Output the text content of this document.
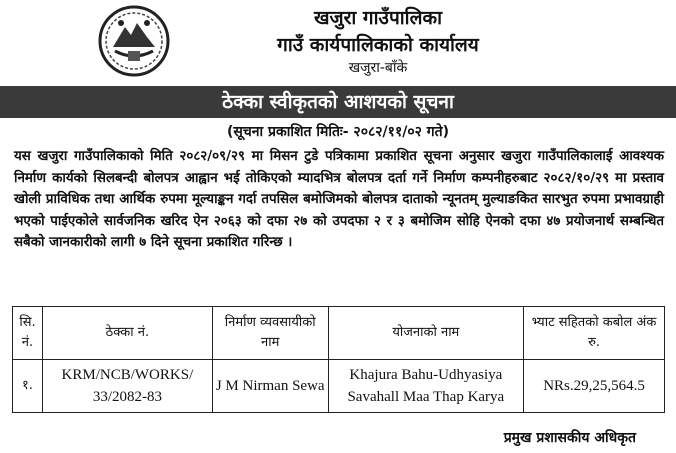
खजुरा गाउँपालिका
गाउँ कार्यपालिकाको कार्यालय
खजुरा-बाँके
ठेक्का स्वीकृतको आशयको सूचना
(सूचना प्रकाशित मितिः- २०८२/११/०२ गते)
यस खजुरा गाउँपालिकाको मिति २०८२/०९/२९ मा मिसन टुडे पत्रिकामा प्रकाशित सूचना अनुसार खजुरा गाउँपालिकालाई आवश्यक निर्माण कार्यको सिलबन्दी बोलपत्र आह्वान भई तोकिएको म्यादभित्र बोलपत्र दर्ता गर्ने निर्माण कम्पनीहरुबाट २०८२/१०/२९ मा प्रस्ताव खोली प्राविधिक तथा आर्थिक रुपमा मूल्याङ्कन गर्दा तपसिल बमोजिमको बोलपत्र दाताको न्यूनतम् मुल्याङकित सारभुत रुपमा प्रभावग्राही भएको पाईएकोले सार्वजनिक खरिद ऐन २०६३ को दफा २७ को उपदफा २ र ३ बमोजिम सोहि ऐनको दफा ४७ प्रयोजनार्थ सम्बन्धित सबैको जानकारीको लागी ७ दिने सूचना प्रकाशित गरिन्छ ।
सि. नं.	ठेक्का नं.	निर्माण व्यवसायीको नाम	योजनाको नाम	भ्याट सहितको कबोल अंक रु.
१.	KRM/NCB/WORKS/ 33/2082-83	J M Nirman Sewa	Khajura Bahu-Udhyasiya Savahall Maa Thap Karya	NRs.29,25,564.5
प्रमुख प्रशासकीय अधिकृत
